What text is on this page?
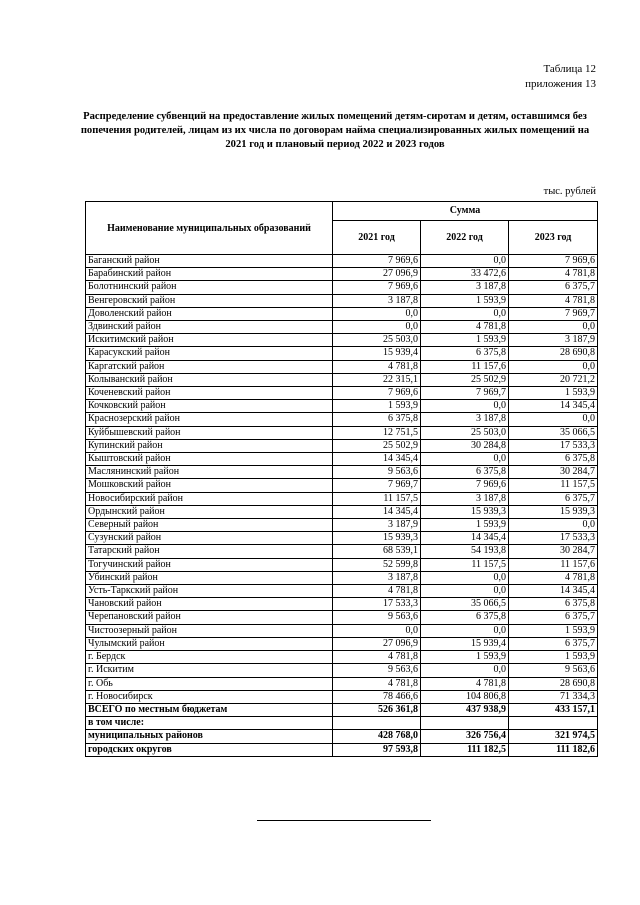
Таблица 12
приложения 13
Распределение субвенций на предоставление жилых помещений детям-сиротам и детям, оставшимся без попечения родителей, лицам из их числа по договорам найма специализированных жилых помещений на 2021 год и плановый период 2022 и 2023 годов
тыс. рублей
Наименование муниципальных образований	Сумма		
	2021 год	2022 год	2023 год
Баганский район	7 969,6	0,0	7 969,6
Барабинский район	27 096,9	33 472,6	4 781,8
Болотнинский район	7 969,6	3 187,8	6 375,7
Венгеровский район	3 187,8	1 593,9	4 781,8
Доволенский район	0,0	0,0	7 969,7
Здвинский район	0,0	4 781,8	0,0
Искитимский район	25 503,0	1 593,9	3 187,9
Карасукский район	15 939,4	6 375,8	28 690,8
Каргатский район	4 781,8	11 157,6	0,0
Колыванский район	22 315,1	25 502,9	20 721,2
Коченевский район	7 969,6	7 969,7	1 593,9
Кочковский район	1 593,9	0,0	14 345,4
Краснозерский район	6 375,8	3 187,8	0,0
Куйбышевский район	12 751,5	25 503,0	35 066,5
Купинский район	25 502,9	30 284,8	17 533,3
Кыштовский район	14 345,4	0,0	6 375,8
Маслянинский район	9 563,6	6 375,8	30 284,7
Мошковский район	7 969,7	7 969,6	11 157,5
Новосибирский район	11 157,5	3 187,8	6 375,7
Ордынский район	14 345,4	15 939,3	15 939,3
Северный район	3 187,9	1 593,9	0,0
Сузунский район	15 939,3	14 345,4	17 533,3
Татарский район	68 539,1	54 193,8	30 284,7
Тогучинский район	52 599,8	11 157,5	11 157,6
Убинский район	3 187,8	0,0	4 781,8
Усть-Таркский район	4 781,8	0,0	14 345,4
Чановский район	17 533,3	35 066,5	6 375,8
Черепановский район	9 563,6	6 375,8	6 375,7
Чистоозерный район	0,0	0,0	1 593,9
Чулымский район	27 096,9	15 939,4	6 375,7
г. Бердск	4 781,8	1 593,9	1 593,9
г. Искитим	9 563,6	0,0	9 563,6
г. Обь	4 781,8	4 781,8	28 690,8
г. Новосибирск	78 466,6	104 806,8	71 334,3
ВСЕГО по местным бюджетам	526 361,8	437 938,9	433 157,1
в том числе:			
муниципальных районов	428 768,0	326 756,4	321 974,5
городских округов	97 593,8	111 182,5	111 182,6
